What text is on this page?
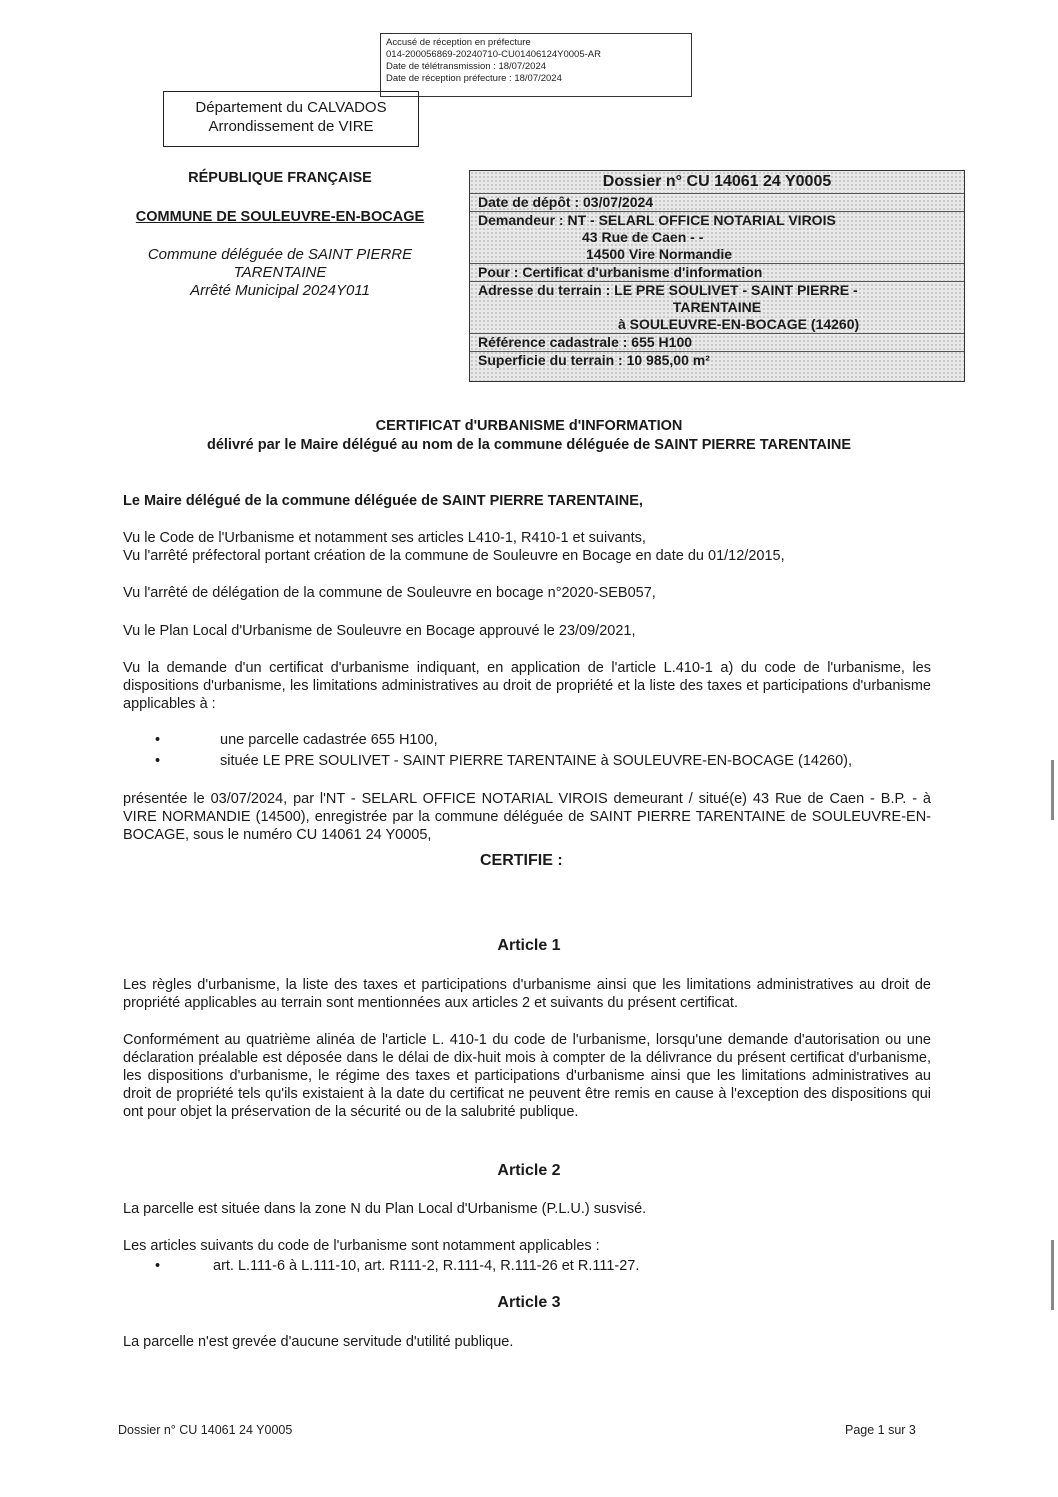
Accusé de réception en préfecture
014-200056869-20240710-CU01406124Y0005-AR
Date de télétransmission : 18/07/2024
Date de réception préfecture : 18/07/2024
Département du CALVADOS
Arrondissement de VIRE
RÉPUBLIQUE FRANÇAISE
COMMUNE DE SOULEUVRE-EN-BOCAGE
Commune déléguée de SAINT PIERRE
TARENTAINE
Arrêté Municipal 2024Y011
Dossier n° CU 14061 24 Y0005
Date de dépôt : 03/07/2024
Demandeur : NT - SELARL OFFICE NOTARIAL VIROIS
43 Rue de Caen - -
14500 Vire Normandie
Pour : Certificat d'urbanisme d'information
Adresse du terrain : LE PRE SOULIVET - SAINT PIERRE -
TARENTAINE
à SOULEUVRE-EN-BOCAGE (14260)
Référence cadastrale : 655 H100
Superficie du terrain : 10 985,00 m²
CERTIFICAT d'URBANISME d'INFORMATION
délivré par le Maire délégué au nom de la commune déléguée de SAINT PIERRE TARENTAINE
Le Maire délégué de la commune déléguée de SAINT PIERRE TARENTAINE,
Vu le Code de l'Urbanisme et notamment ses articles L410-1, R410-1 et suivants,
Vu l'arrêté préfectoral portant création de la commune de Souleuvre en Bocage en date du 01/12/2015,
Vu l'arrêté de délégation de la commune de Souleuvre en bocage n°2020-SEB057,
Vu le Plan Local d'Urbanisme de Souleuvre en Bocage approuvé le 23/09/2021,
Vu la demande d'un certificat d'urbanisme indiquant, en application de l'article L.410-1 a) du code de l'urbanisme, les dispositions d'urbanisme, les limitations administratives au droit de propriété et la liste des taxes et participations d'urbanisme applicables à :
•	une parcelle cadastrée 655 H100,
•	située LE PRE SOULIVET - SAINT PIERRE TARENTAINE à SOULEUVRE-EN-BOCAGE (14260),
présentée le 03/07/2024, par l'NT - SELARL OFFICE NOTARIAL VIROIS demeurant / situé(e) 43 Rue de Caen - B.P. - à VIRE NORMANDIE (14500), enregistrée par la commune déléguée de SAINT PIERRE TARENTAINE de SOULEUVRE-EN-BOCAGE, sous le numéro CU 14061 24 Y0005,
CERTIFIE :
Article 1
Les règles d'urbanisme, la liste des taxes et participations d'urbanisme ainsi que les limitations administratives au droit de propriété applicables au terrain sont mentionnées aux articles 2 et suivants du présent certificat.
Conformément au quatrième alinéa de l'article L. 410-1 du code de l'urbanisme, lorsqu'une demande d'autorisation ou une déclaration préalable est déposée dans le délai de dix-huit mois à compter de la délivrance du présent certificat d'urbanisme, les dispositions d'urbanisme, le régime des taxes et participations d'urbanisme ainsi que les limitations administratives au droit de propriété tels qu'ils existaient à la date du certificat ne peuvent être remis en cause à l'exception des dispositions qui ont pour objet la préservation de la sécurité ou de la salubrité publique.
Article 2
La parcelle est située dans la zone N du Plan Local d'Urbanisme (P.L.U.) susvisé.
Les articles suivants du code de l'urbanisme sont notamment applicables :
•	art. L.111-6 à L.111-10, art. R111-2, R.111-4, R.111-26 et R.111-27.
Article 3
La parcelle n'est grevée d'aucune servitude d'utilité publique.
Dossier n° CU 14061 24 Y0005	Page 1 sur 3
